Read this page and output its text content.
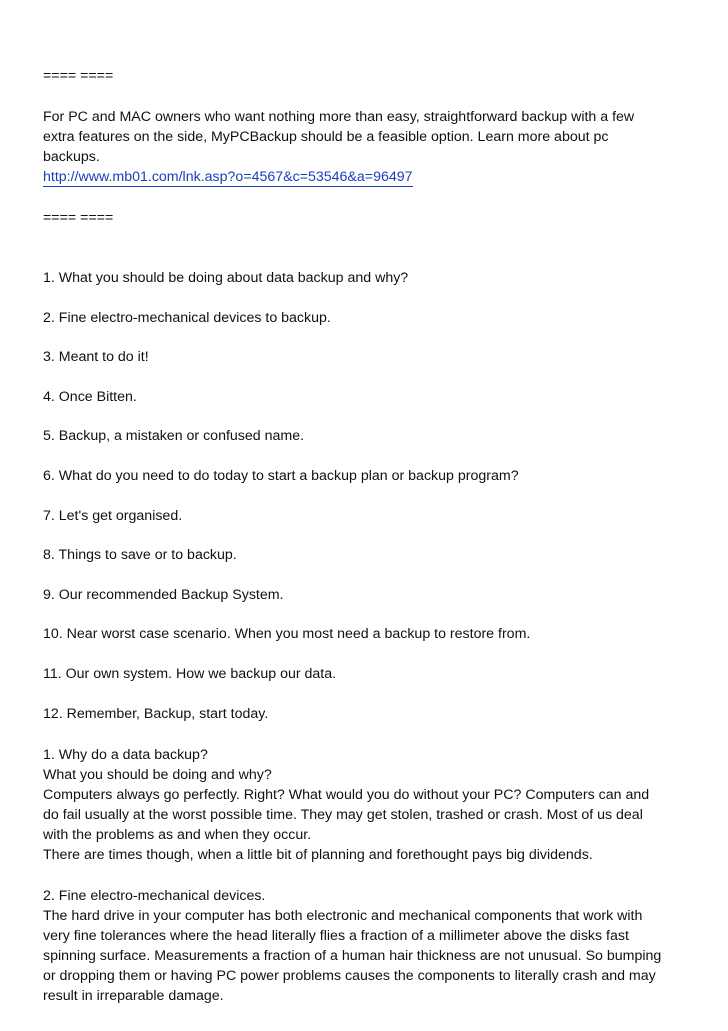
==== ====
For PC and MAC owners who want nothing more than easy, straightforward backup with a few
extra features on the side, MyPCBackup should be a feasible option. Learn more about pc
backups.
http://www.mb01.com/lnk.asp?o=4567&c=53546&a=96497
==== ====
1. What you should be doing about data backup and why?
2. Fine electro-mechanical devices to backup.
3. Meant to do it!
4. Once Bitten.
5. Backup, a mistaken or confused name.
6. What do you need to do today to start a backup plan or backup program?
7. Let's get organised.
8. Things to save or to backup.
9. Our recommended Backup System.
10. Near worst case scenario. When you most need a backup to restore from.
11. Our own system. How we backup our data.
12. Remember, Backup, start today.
1. Why do a data backup?
What you should be doing and why?
Computers always go perfectly. Right? What would you do without your PC? Computers can and
do fail usually at the worst possible time. They may get stolen, trashed or crash. Most of us deal
with the problems as and when they occur.
There are times though, when a little bit of planning and forethought pays big dividends.
2. Fine electro-mechanical devices.
The hard drive in your computer has both electronic and mechanical components that work with
very fine tolerances where the head literally flies a fraction of a millimeter above the disks fast
spinning surface. Measurements a fraction of a human hair thickness are not unusual. So bumping
or dropping them or having PC power problems causes the components to literally crash and may
result in irreparable damage.
